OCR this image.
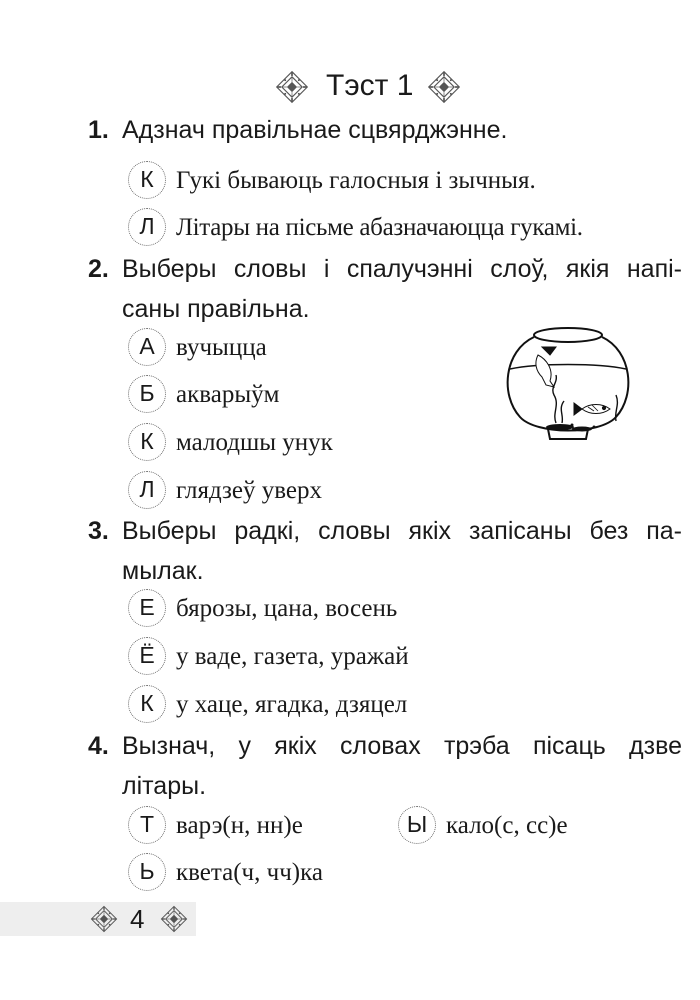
Тэст 1
1. Адзнач правільнае сцвярджэнне.
К Гукі бываюць галосныя і зычныя.
Л Літары на пісьме абазначаюцца гукамі.
2. Выберы словы і спалучэнні слоў, якія напі-
саны правільна.
А вучыцца
Б акварыўм
К малодшы унук
Л глядзеў уверх
3. Выберы радкі, словы якіх запісаны без па-
мылак.
Е бярозы, цана, восень
Ё у ваде, газета, уражай
К у хаце, ягадка, дзяцел
4. Вызнач, у якіх словах трэба пісаць дзве
літары.
Т варэ(н, нн)е	Ы кало(с, сс)е
Ь квета(ч, чч)ка
4
